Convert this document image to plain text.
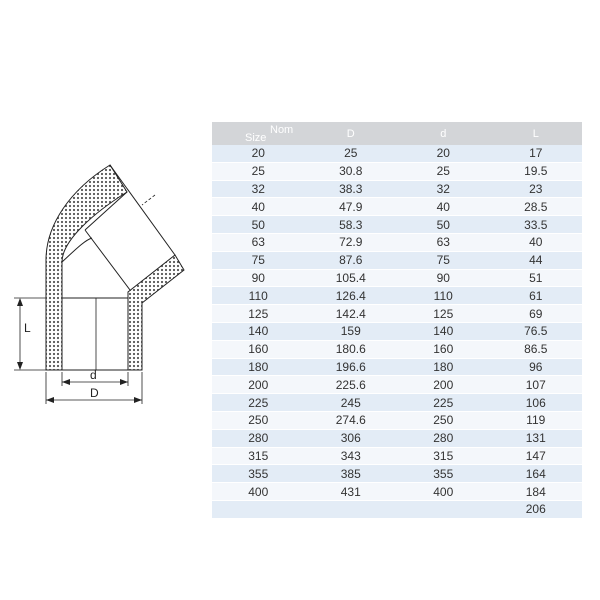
L
d
D
Nom
Size	D	d	L
20	25	20	17
25	30.8	25	19.5
32	38.3	32	23
40	47.9	40	28.5
50	58.3	50	33.5
63	72.9	63	40
75	87.6	75	44
90	105.4	90	51
110	126.4	110	61
125	142.4	125	69
140	159	140	76.5
160	180.6	160	86.5
180	196.6	180	96
200	225.6	200	107
225	245	225	106
250	274.6	250	119
280	306	280	131
315	343	315	147
355	385	355	164
400	431	400	184
			206
